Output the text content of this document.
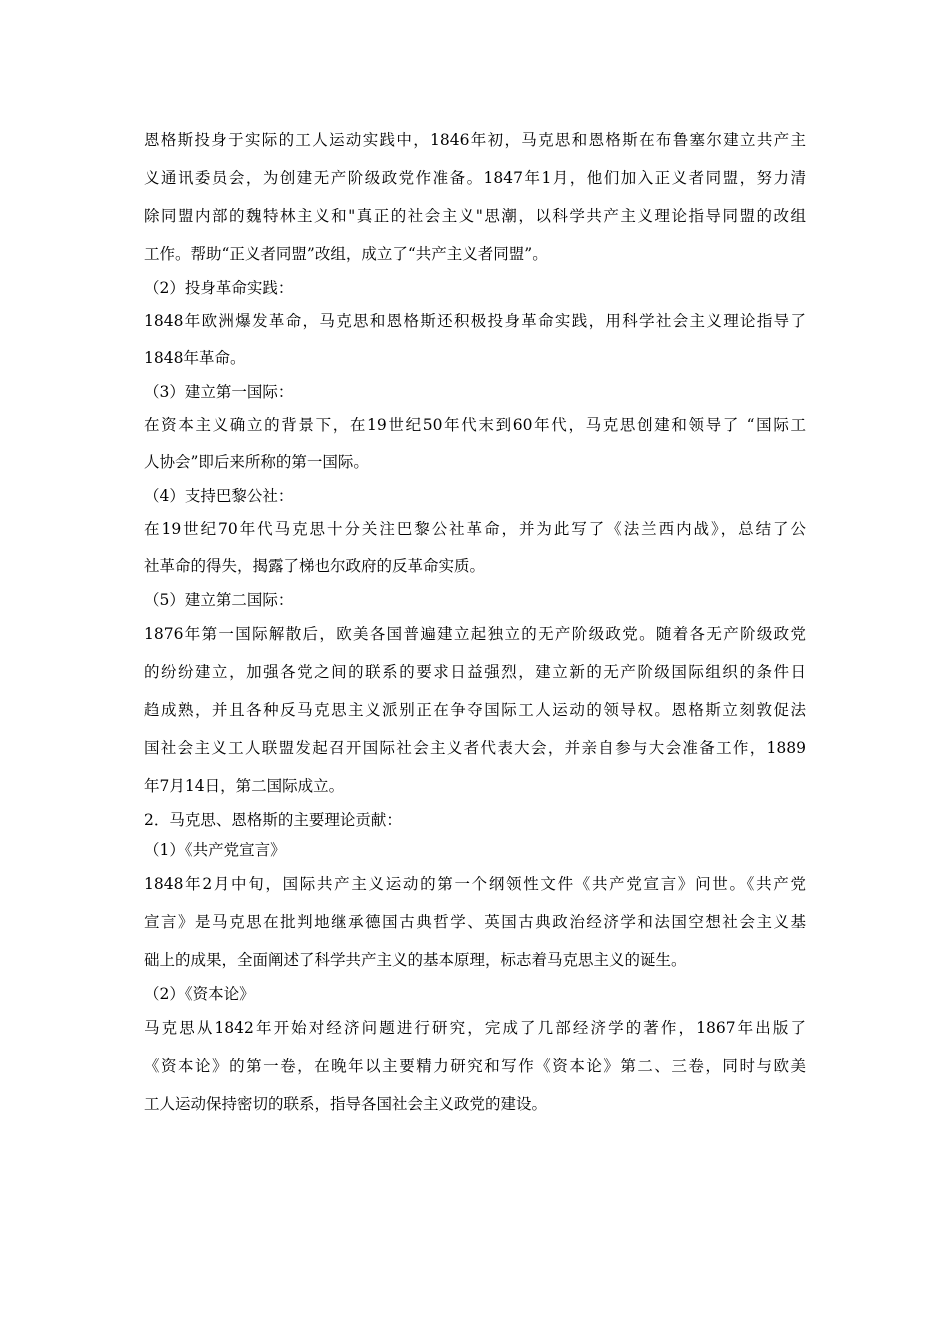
恩格斯投身于实际的工人运动实践中，1846年初，马克思和恩格斯在布鲁塞尔建立共产主
义通讯委员会，为创建无产阶级政党作准备。1847年1月，他们加入正义者同盟，努力清
除同盟内部的魏特林主义和"真正的社会主义"思潮，以科学共产主义理论指导同盟的改组
工作。帮助“正义者同盟”改组，成立了“共产主义者同盟”。
（2）投身革命实践：
1848年欧洲爆发革命，马克思和恩格斯还积极投身革命实践，用科学社会主义理论指导了
1848年革命。
（3）建立第一国际：
在资本主义确立的背景下，在19世纪50年代末到60年代，马克思创建和领导了 “国际工
人协会”即后来所称的第一国际。
（4）支持巴黎公社：
在19世纪70年代马克思十分关注巴黎公社革命，并为此写了《法兰西内战》，总结了公
社革命的得失，揭露了梯也尔政府的反革命实质。
（5）建立第二国际：
1876年第一国际解散后，欧美各国普遍建立起独立的无产阶级政党。随着各无产阶级政党
的纷纷建立，加强各党之间的联系的要求日益强烈，建立新的无产阶级国际组织的条件日
趋成熟，并且各种反马克思主义派别正在争夺国际工人运动的领导权。恩格斯立刻敦促法
国社会主义工人联盟发起召开国际社会主义者代表大会，并亲自参与大会准备工作，1889
年7月14日，第二国际成立。
2．马克思、恩格斯的主要理论贡献：
（1）《共产党宣言》
1848年2月中旬，国际共产主义运动的第一个纲领性文件《共产党宣言》问世。《共产党
宣言》是马克思在批判地继承德国古典哲学、英国古典政治经济学和法国空想社会主义基
础上的成果，全面阐述了科学共产主义的基本原理，标志着马克思主义的诞生。
（2）《资本论》
马克思从1842年开始对经济问题进行研究，完成了几部经济学的著作，1867年出版了
《资本论》的第一卷，在晚年以主要精力研究和写作《资本论》第二、三卷，同时与欧美
工人运动保持密切的联系，指导各国社会主义政党的建设。
